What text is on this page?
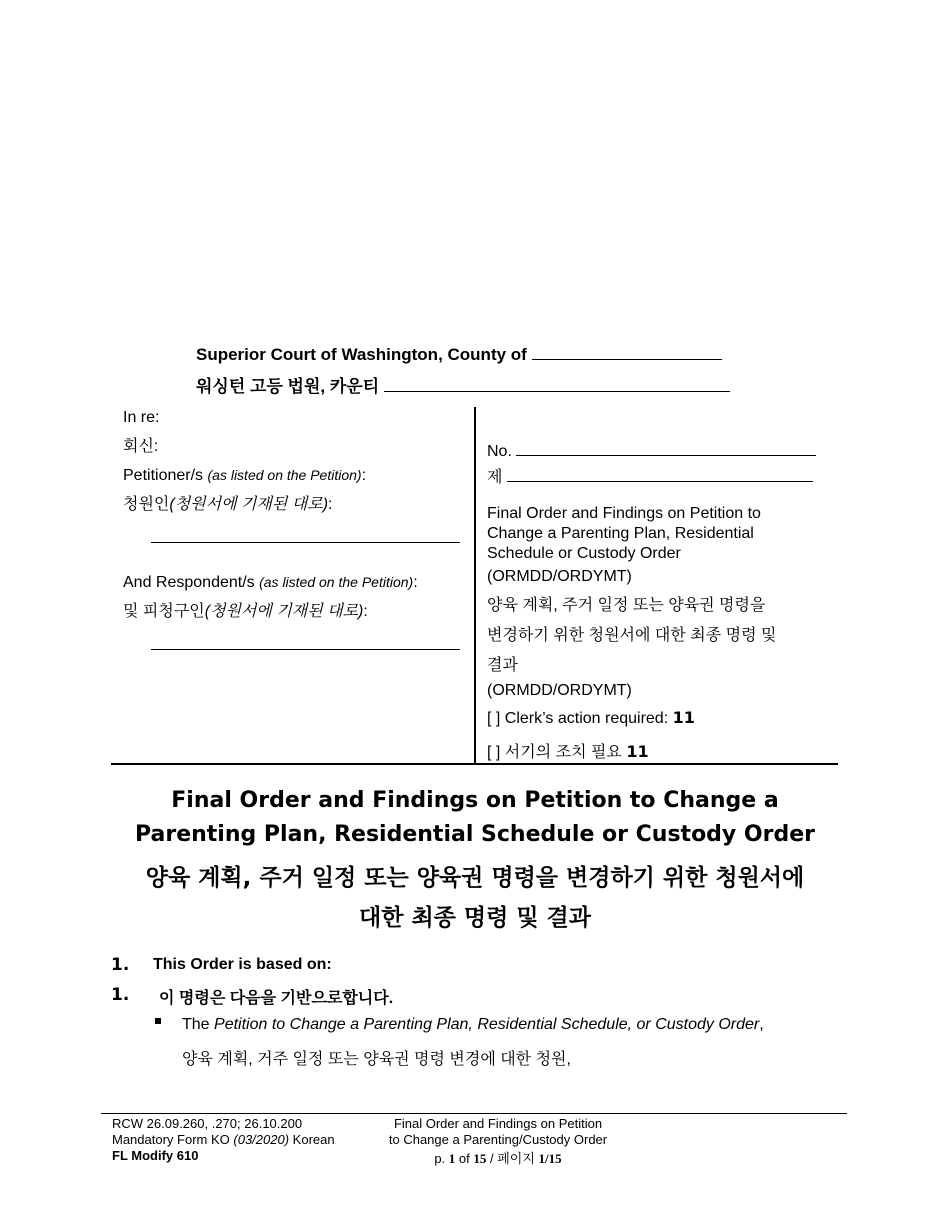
Superior Court of Washington, County of
워싱턴 고등 법원, 카운티
In re:
회신:
Petitioner/s (as listed on the Petition):
청원인(청원서에 기재된 대로):
And Respondent/s (as listed on the Petition):
및 피청구인(청원서에 기재된 대로):
No.
제
Final Order and Findings on Petition to Change a Parenting Plan, Residential Schedule or Custody Order
(ORMDD/ORDYMT)
양육 계획, 주거 일정 또는 양육권 명령을
변경하기 위한 청원서에 대한 최종 명령 및
결과
(ORMDD/ORDYMT)
[ ] Clerk’s action required: 11
[ ] 서기의 조치 필요 11
Final Order and Findings on Petition to Change a
Parenting Plan, Residential Schedule or Custody Order
양육 계획, 주거 일정 또는 양육권 명령을 변경하기 위한 청원서에
대한 최종 명령 및 결과
1. This Order is based on:
1. 이 명령은 다음을 기반으로합니다.
The Petition to Change a Parenting Plan, Residential Schedule, or Custody Order,
양육 계획, 거주 일정 또는 양육권 명령 변경에 대한 청원,
RCW 26.09.260, .270; 26.10.200
Mandatory Form KO (03/2020) Korean
FL Modify 610
Final Order and Findings on Petition
to Change a Parenting/Custody Order
p. 1 of 15 / 페이지 1/15
